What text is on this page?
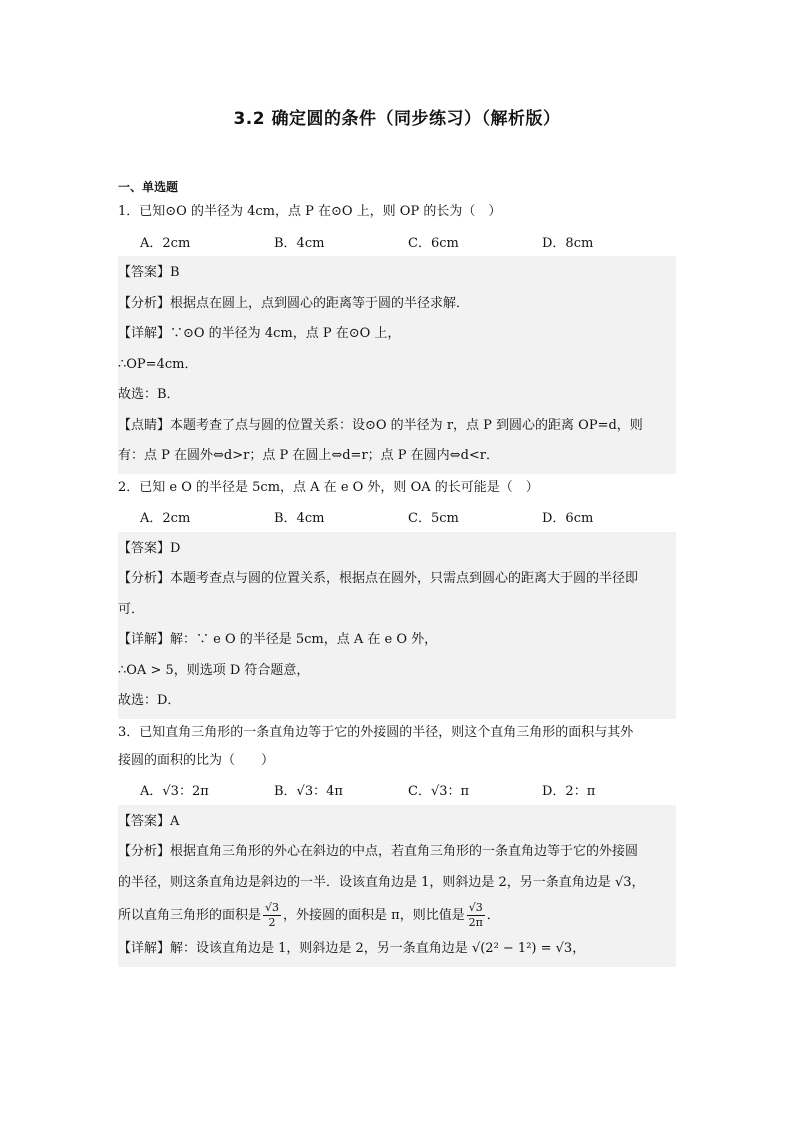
3.2 确定圆的条件（同步练习）（解析版）
一、单选题
1．已知⊙O 的半径为 4cm，点 P 在⊙O 上，则 OP 的长为（　）
A．2cm	B．4cm	C．6cm	D．8cm
【答案】B
【分析】根据点在圆上，点到圆心的距离等于圆的半径求解．
【详解】∵⊙O 的半径为 4cm，点 P 在⊙O 上，
∴OP=4cm．
故选：B．
【点睛】本题考查了点与圆的位置关系：设⊙O 的半径为 r，点 P 到圆心的距离 OP=d，则
有：点 P 在圆外⇔d>r；点 P 在圆上⇔d=r；点 P 在圆内⇔d<r．
2．已知 e O 的半径是 5cm，点 A 在 e O 外，则 OA 的长可能是（　）
A．2cm	B．4cm	C．5cm	D．6cm
【答案】D
【分析】本题考查点与圆的位置关系，根据点在圆外，只需点到圆心的距离大于圆的半径即
可．
【详解】解：∵ e O 的半径是 5cm，点 A 在 e O 外，
∴OA > 5，则选项 D 符合题意，
故选：D．
3．已知直角三角形的一条直角边等于它的外接圆的半径，则这个直角三角形的面积与其外
接圆的面积的比为（　　）
A．√3：2π	B．√3：4π	C．√3：π	D．2：π
【答案】A
【分析】根据直角三角形的外心在斜边的中点，若直角三角形的一条直角边等于它的外接圆
的半径，则这条直角边是斜边的一半．设该直角边是 1，则斜边是 2，另一条直角边是 √3，
所以直角三角形的面积是 $\frac{√3}{2}$ ，外接圆的面积是 π，则比值是 $\frac{√3}{2\pi}$ ．
【详解】解：设该直角边是 1，则斜边是 2，另一条直角边是 √(2² − 1²) = √3，
